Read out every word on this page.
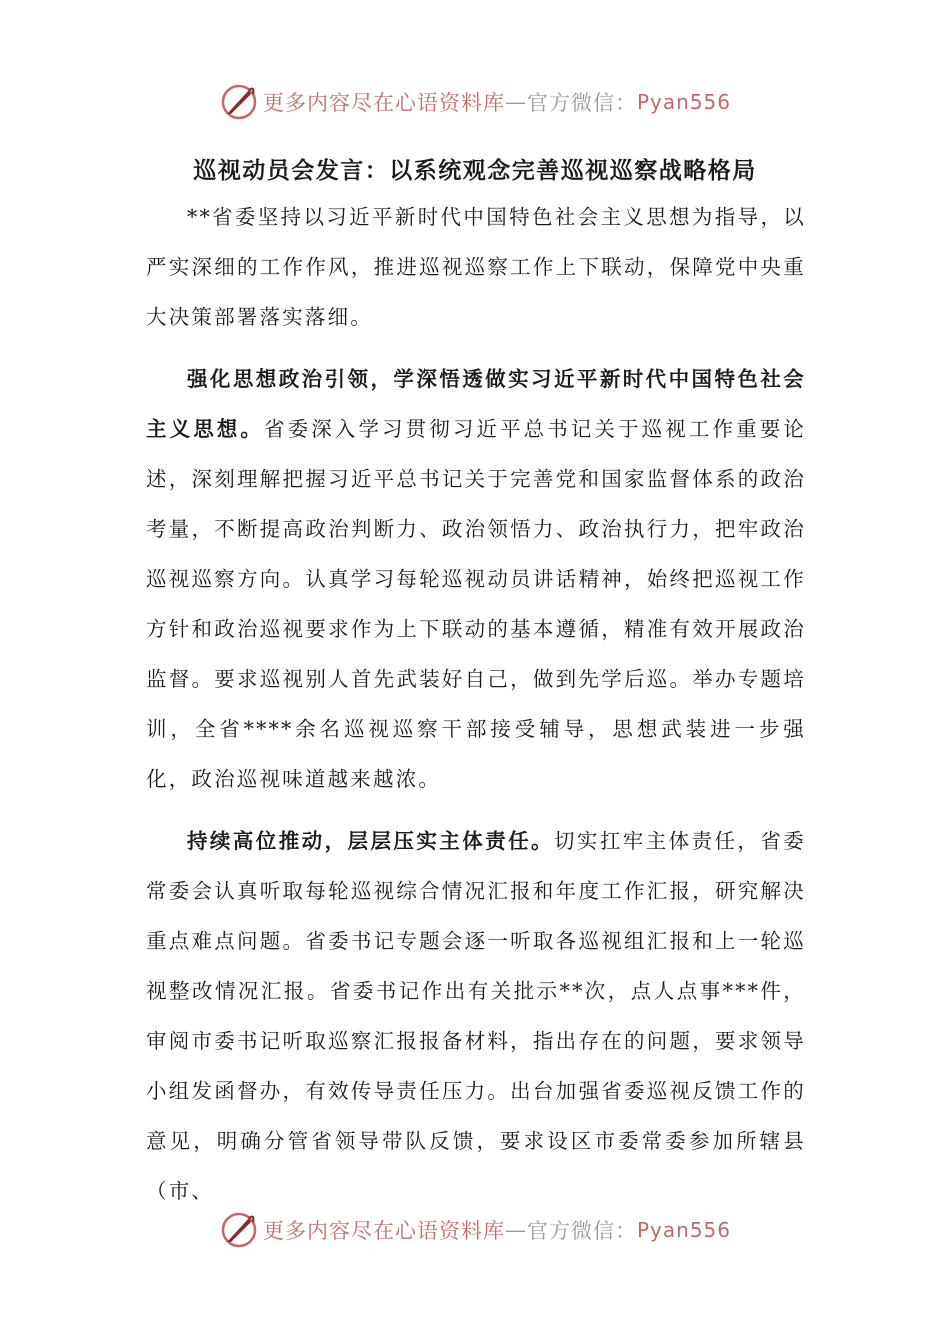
更多内容尽在心语资料库 — 官方微信： Pyan556
巡视动员会发言：以系统观念完善巡视巡察战略格局

**省委坚持以习近平新时代中国特色社会主义思想为指导，以严实深细的工作作风，推进巡视巡察工作上下联动，保障党中央重大决策部署落实落细。

强化思想政治引领，学深悟透做实习近平新时代中国特色社会主义思想。省委深入学习贯彻习近平总书记关于巡视工作重要论述，深刻理解把握习近平总书记关于完善党和国家监督体系的政治考量，不断提高政治判断力、政治领悟力、政治执行力，把牢政治巡视巡察方向。认真学习每轮巡视动员讲话精神，始终把巡视工作方针和政治巡视要求作为上下联动的基本遵循，精准有效开展政治监督。要求巡视别人首先武装好自己，做到先学后巡。举办专题培训，全省****余名巡视巡察干部接受辅导，思想武装进一步强化，政治巡视味道越来越浓。

持续高位推动，层层压实主体责任。切实扛牢主体责任，省委常委会认真听取每轮巡视综合情况汇报和年度工作汇报，研究解决重点难点问题。省委书记专题会逐一听取各巡视组汇报和上一轮巡视整改情况汇报。省委书记作出有关批示**次，点人点事***件，审阅市委书记听取巡察汇报报备材料，指出存在的问题，要求领导小组发函督办，有效传导责任压力。出台加强省委巡视反馈工作的意见，明确分管省领导带队反馈，要求设区市委常委参加所辖县（市、

更多内容尽在心语资料库 — 官方微信： Pyan556
